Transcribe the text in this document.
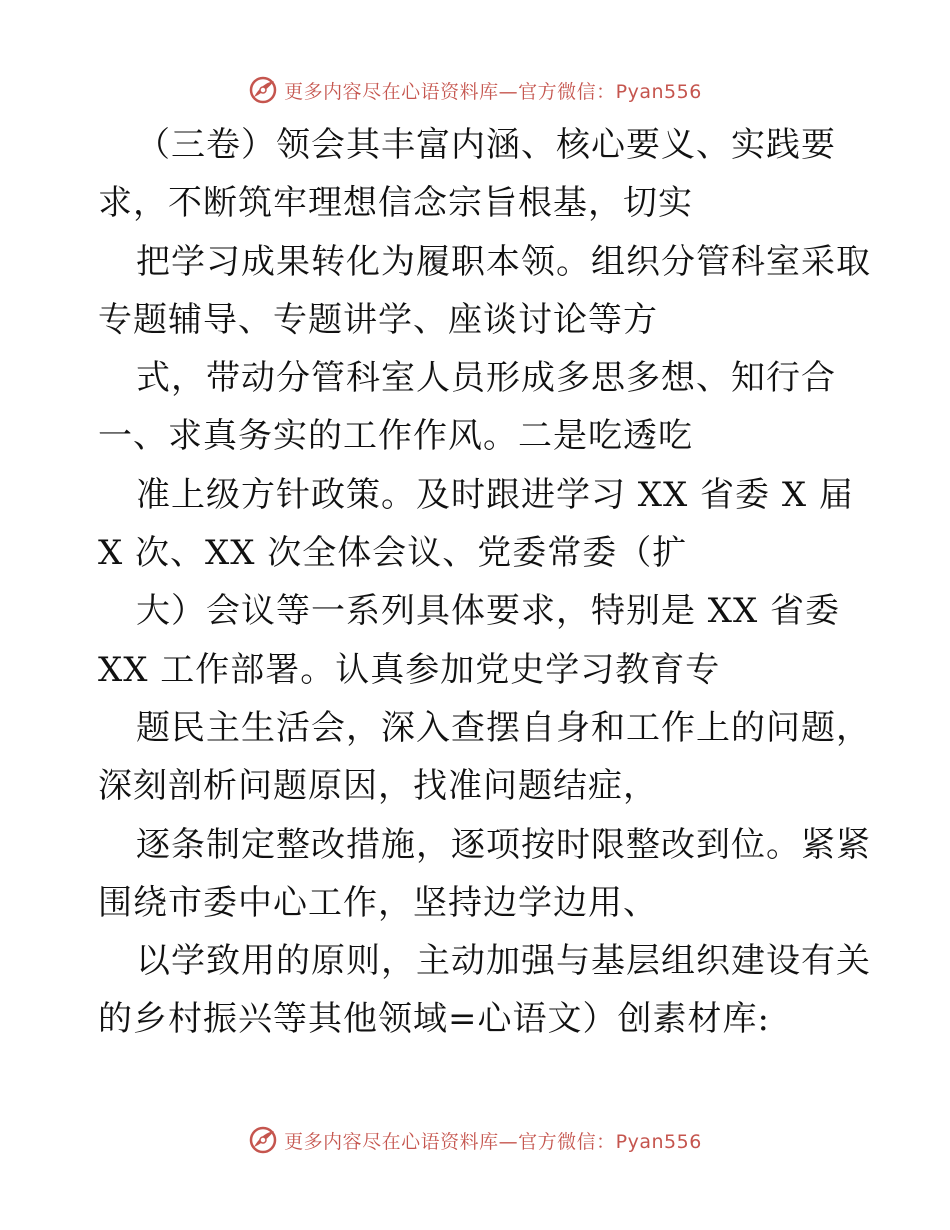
更多内容尽在心语资料库—官方微信：Pyan556
（三卷）领会其丰富内涵、核心要义、实践要
求，不断筑牢理想信念宗旨根基，切实
把学习成果转化为履职本领。组织分管科室采取
专题辅导、专题讲学、座谈讨论等方
式，带动分管科室人员形成多思多想、知行合
一、求真务实的工作作风。二是吃透吃
准上级方针政策。及时跟进学习 XX 省委 X 届
X 次、XX 次全体会议、党委常委（扩
大）会议等一系列具体要求，特别是 XX 省委
XX 工作部署。认真参加党史学习教育专
题民主生活会，深入查摆自身和工作上的问题，
深刻剖析问题原因，找准问题结症，
逐条制定整改措施，逐项按时限整改到位。紧紧
围绕市委中心工作，坚持边学边用、
以学致用的原则，主动加强与基层组织建设有关
的乡村振兴等其他领域=心语文）创素材库:
更多内容尽在心语资料库—官方微信：Pyan556
